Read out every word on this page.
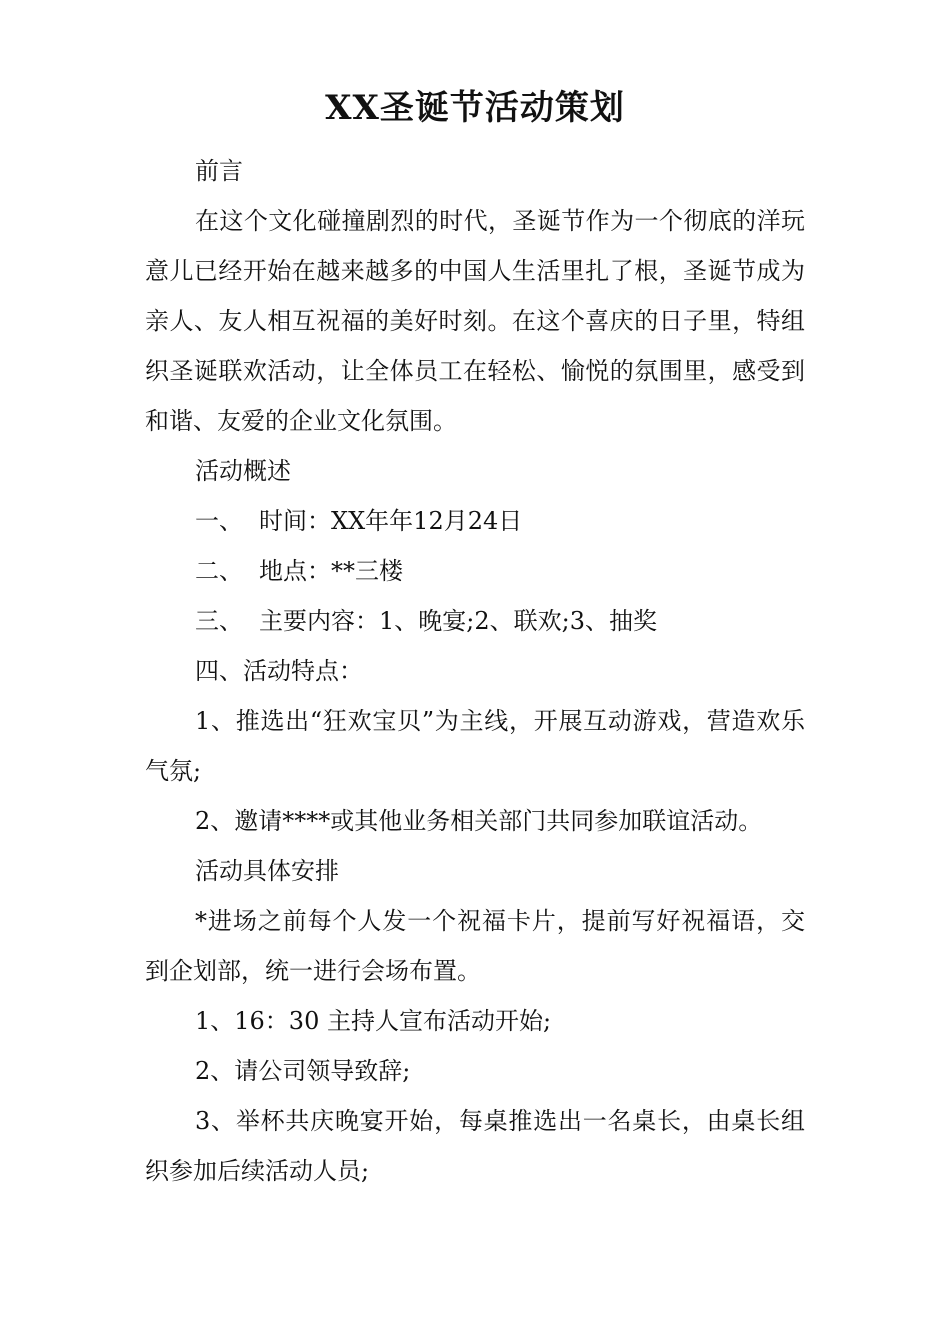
XX圣诞节活动策划

前言

在这个文化碰撞剧烈的时代，圣诞节作为一个彻底的洋玩意儿已经开始在越来越多的中国人生活里扎了根，圣诞节成为亲人、友人相互祝福的美好时刻。在这个喜庆的日子里，特组织圣诞联欢活动，让全体员工在轻松、愉悦的氛围里，感受到和谐、友爱的企业文化氛围。

活动概述

一、 时间：XX年年12月24日

二、 地点：**三楼

三、 主要内容：1、晚宴;2、联欢;3、抽奖

四、活动特点：

1、推选出“狂欢宝贝”为主线，开展互动游戏，营造欢乐气氛;

2、邀请****或其他业务相关部门共同参加联谊活动。

活动具体安排

*进场之前每个人发一个祝福卡片，提前写好祝福语，交到企划部，统一进行会场布置。

1、16：30 主持人宣布活动开始;

2、请公司领导致辞;

3、举杯共庆晚宴开始，每桌推选出一名桌长，由桌长组织参加后续活动人员;
